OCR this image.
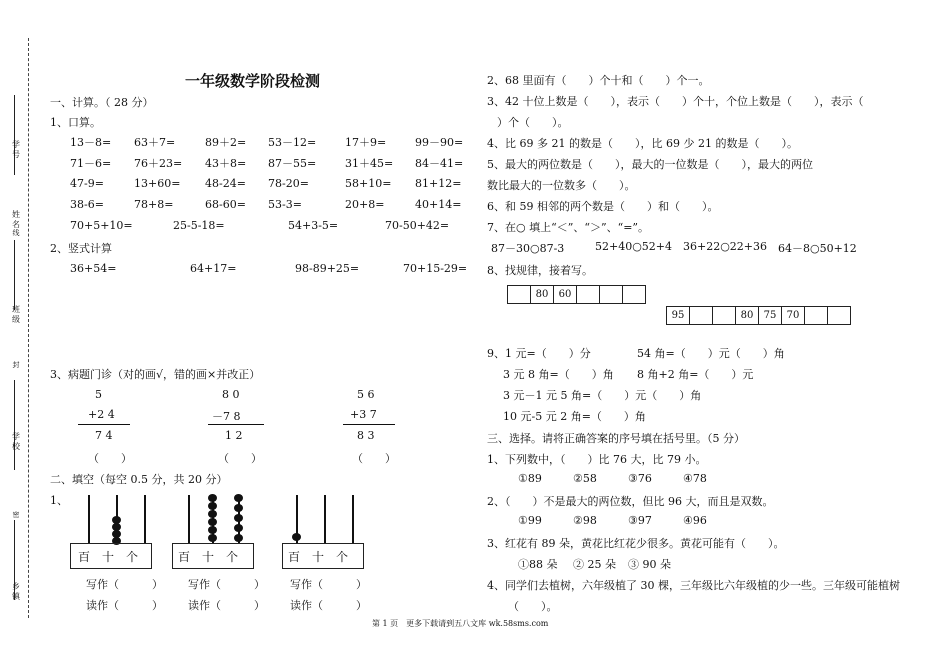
学号
姓名
线
班级
封
学校
密
乡镇
一年级数学阶段检测
一、计算。（ 28 分）
1、口算。
13－8= 63＋7=	89＋2= 53－12=	17＋9=	99－90=
71－6= 76＋23= 43＋8= 87－55=	31＋45= 84－41=
47-9=	13+60= 48-24= 78-20=	58+10= 81+12=
38-6=	78+8=	68-60= 53-3=	20+8=	40+14=
70+5+10=	25-5-18=	54+3-5=	70-50+42=
2、竖式计算
36+54=	64+17=	98-89+25=	70+15-29=
3、病题门诊（对的画√，错的画×并改正）
5
+2 4
7 4
（　　）
8 0
－7 8
1 2
（　　）
5 6
+3 7
8 3
（　　）
二、填空（每空 0.5 分，共 20 分）
1、
百　十　个
写作（　　　）
读作（　　　）
百　十　个
写作（　　　）
读作（　　　）
百　十　个
写作（　　　）
读作（　　　）
2、68 里面有（　　）个十和（　　）个一。
3、42 十位上数是（　　），表示（　　）个十，个位上数是（　　），表示（
）个（　　）。
4、比 69 多 21 的数是（　　），比 69 少 21 的数是（　　）。
5、最大的两位数是（　　），最大的一位数是（　　），最大的两位
数比最大的一位数多（　　）。
6、和 59 相邻的两个数是（　　）和（　　）。
7、在○ 填上“＜”、“＞”、“=”。
87－30○87-3	52+40○52+4 36+22○22+36 64－8○50+12
8、找规律，接着写。
	80	60			
95			80	75	70		
9、1 元=（　　）分	54 角=（　　）元（　　）角
3 元 8 角=（　　）角 8 角+2 角=（　　）元
3 元－1 元 5 角=（　　）元（　　）角
10 元-5 元 2 角=（　　）角
三、选择。请将正确答案的序号填在括号里。（5 分）
1、下列数中，（　　）比 76 大，比 79 小。
①89	②58	③76	④78
2、（　　）不是最大的两位数，但比 96 大，而且是双数。
①99	②98	③97	④96
3、红花有 89 朵，黄花比红花少很多。黄花可能有（　　）。
①88 朵 ② 25 朵 ③ 90 朵
4、同学们去植树，六年级植了 30 棵，三年级比六年级植的少一些。三年级可能植树
（　　）。
第 1 页　更多下载请到五八文库 wk.58sms.com
